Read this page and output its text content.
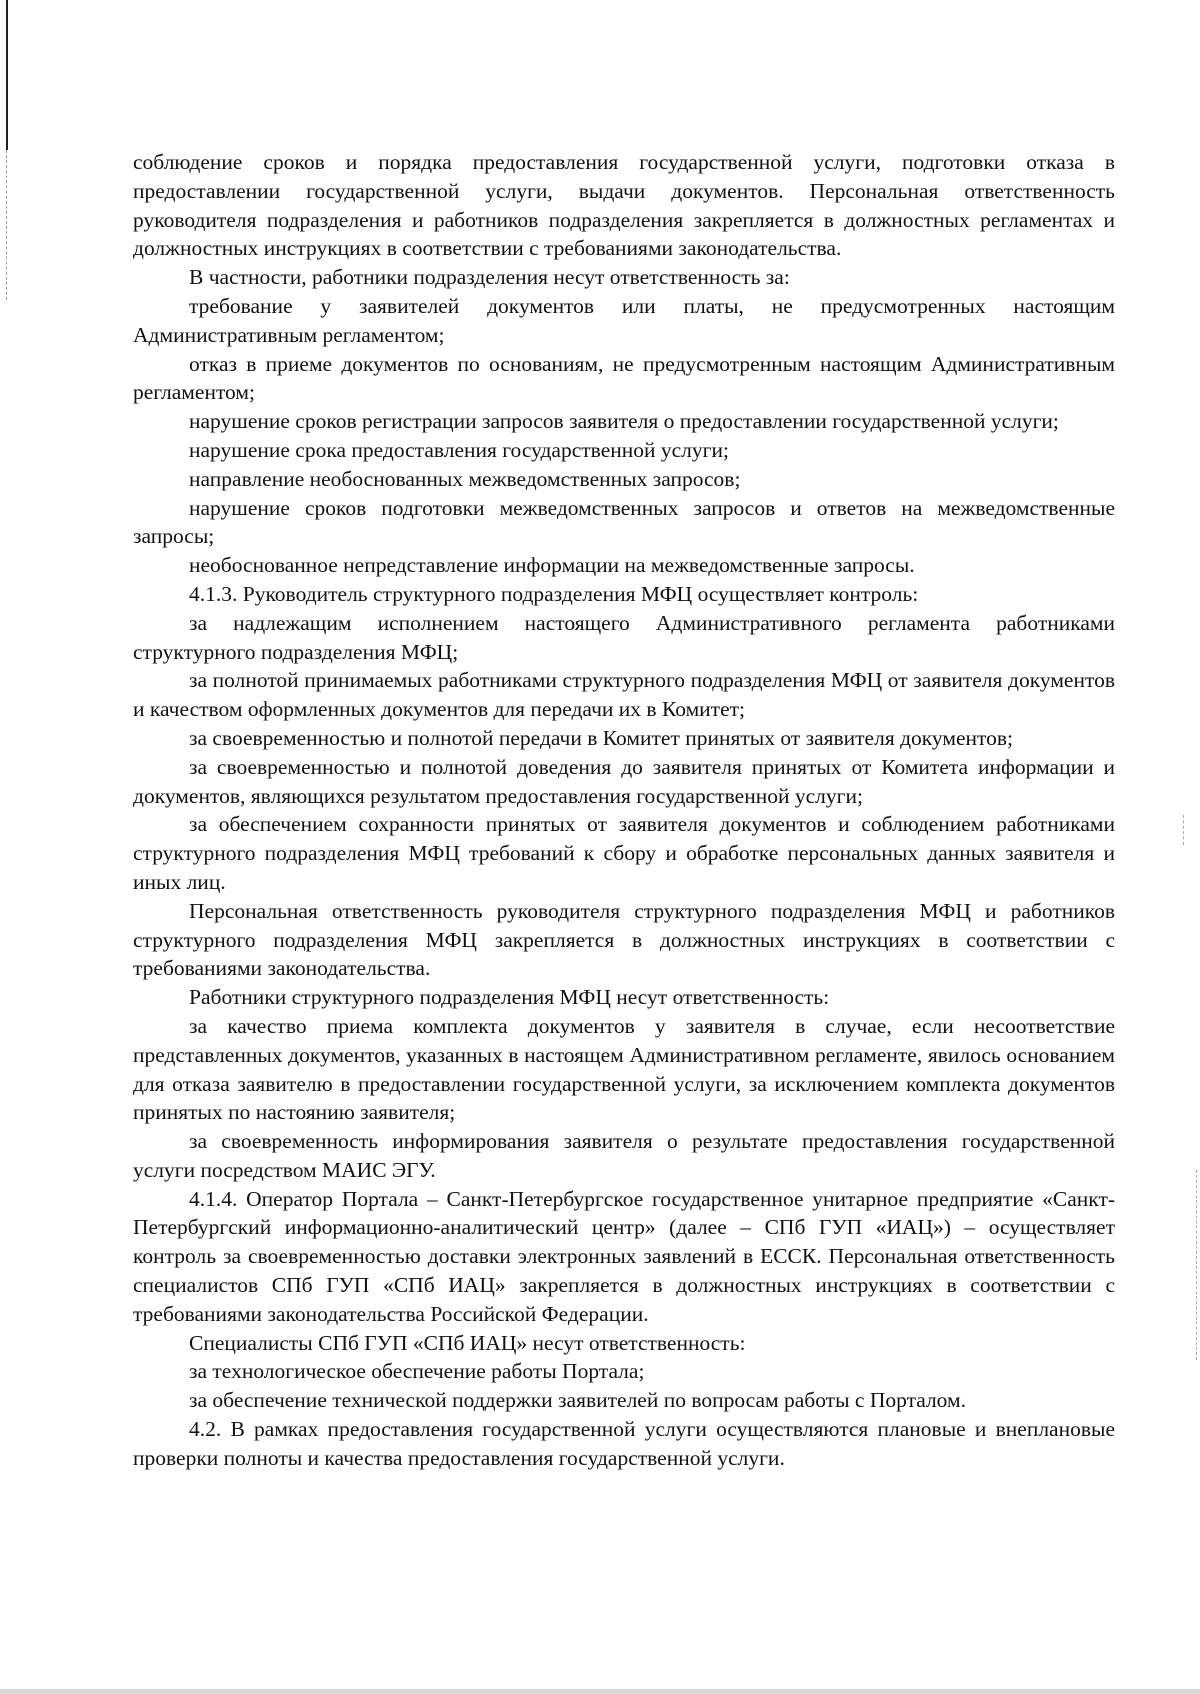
соблюдение сроков и порядка предоставления государственной услуги, подготовки отказа в предоставлении государственной услуги, выдачи документов. Персональная ответственность руководителя подразделения и работников подразделения закрепляется в должностных регламентах и должностных инструкциях в соответствии с требованиями законодательства.

В частности, работники подразделения несут ответственность за:

требование у заявителей документов или платы, не предусмотренных настоящим Административным регламентом;

отказ в приеме документов по основаниям, не предусмотренным настоящим Административным регламентом;

нарушение сроков регистрации запросов заявителя о предоставлении государственной услуги;

нарушение срока предоставления государственной услуги;

направление необоснованных межведомственных запросов;

нарушение сроков подготовки межведомственных запросов и ответов на межведомственные запросы;

необоснованное непредставление информации на межведомственные запросы.

4.1.3. Руководитель структурного подразделения МФЦ осуществляет контроль:

за надлежащим исполнением настоящего Административного регламента работниками структурного подразделения МФЦ;

за полнотой принимаемых работниками структурного подразделения МФЦ от заявителя документов и качеством оформленных документов для передачи их в Комитет;

за своевременностью и полнотой передачи в Комитет принятых от заявителя документов;

за своевременностью и полнотой доведения до заявителя принятых от Комитета информации и документов, являющихся результатом предоставления государственной услуги;

за обеспечением сохранности принятых от заявителя документов и соблюдением работниками структурного подразделения МФЦ требований к сбору и обработке персональных данных заявителя и иных лиц.

Персональная ответственность руководителя структурного подразделения МФЦ и работников структурного подразделения МФЦ закрепляется в должностных инструкциях в соответствии с требованиями законодательства.

Работники структурного подразделения МФЦ несут ответственность:

за качество приема комплекта документов у заявителя в случае, если несоответствие представленных документов, указанных в настоящем Административном регламенте, явилось основанием для отказа заявителю в предоставлении государственной услуги, за исключением комплекта документов принятых по настоянию заявителя;

за своевременность информирования заявителя о результате предоставления государственной услуги посредством МАИС ЭГУ.

4.1.4. Оператор Портала – Санкт-Петербургское государственное унитарное предприятие «Санкт-Петербургский информационно-аналитический центр» (далее – СПб ГУП «ИАЦ») – осуществляет контроль за своевременностью доставки электронных заявлений в ЕССК. Персональная ответственность специалистов СПб ГУП «СПб ИАЦ» закрепляется в должностных инструкциях в соответствии с требованиями законодательства Российской Федерации.

Специалисты СПб ГУП «СПб ИАЦ» несут ответственность:

за технологическое обеспечение работы Портала;

за обеспечение технической поддержки заявителей по вопросам работы с Порталом.

4.2. В рамках предоставления государственной услуги осуществляются плановые и внеплановые проверки полноты и качества предоставления государственной услуги.
